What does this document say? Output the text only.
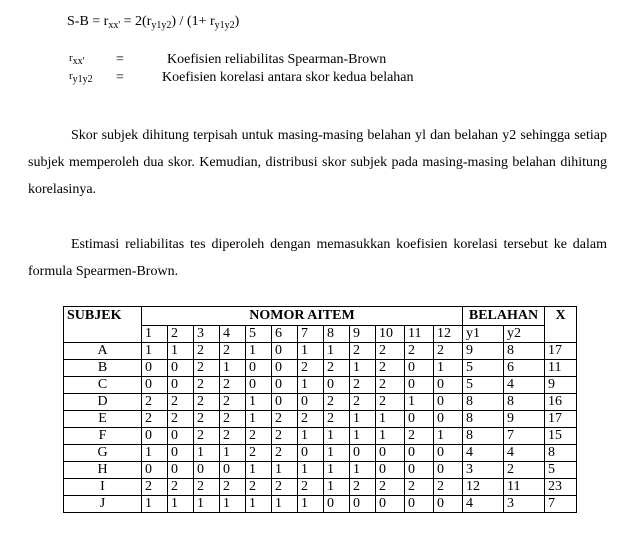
$S-B = r_{xx'} = 2(r_{y1y2}) / (1+ r_{y1y2})$
rxx' =	Koefisien reliabilitas Spearman-Brown
ry1y2 =	Koefisien korelasi antara skor kedua belahan

Skor subjek dihitung terpisah untuk masing-masing belahan yl dan belahan y2 sehingga setiap subjek memperoleh dua skor. Kemudian, distribusi skor subjek pada masing-masing belahan dihitung korelasinya.

Estimasi reliabilitas tes diperoleh dengan memasukkan koefisien korelasi tersebut ke dalam formula Spearmen-Brown.

SUBJEK	NOMOR AITEM												BELAHAN		X
	1	2	3	4	5	6	7	8	9	10	11	12	y1	y2	
A	1	1	2	2	1	0	1	1	2	2	2	2	9	8	17
B	0	0	2	1	0	0	2	2	1	2	0	1	5	6	11
C	0	0	2	2	0	0	1	0	2	2	0	0	5	4	9
D	2	2	2	2	1	0	0	2	2	2	1	0	8	8	16
E	2	2	2	2	1	2	2	2	1	1	0	0	8	9	17
F	0	0	2	2	2	2	1	1	1	1	2	1	8	7	15
G	1	0	1	1	2	2	0	1	0	0	0	0	4	4	8
H	0	0	0	0	1	1	1	1	1	0	0	0	3	2	5
I	2	2	2	2	2	2	2	1	2	2	2	2	12	11	23
J	1	1	1	1	1	1	1	0	0	0	0	0	4	3	7
